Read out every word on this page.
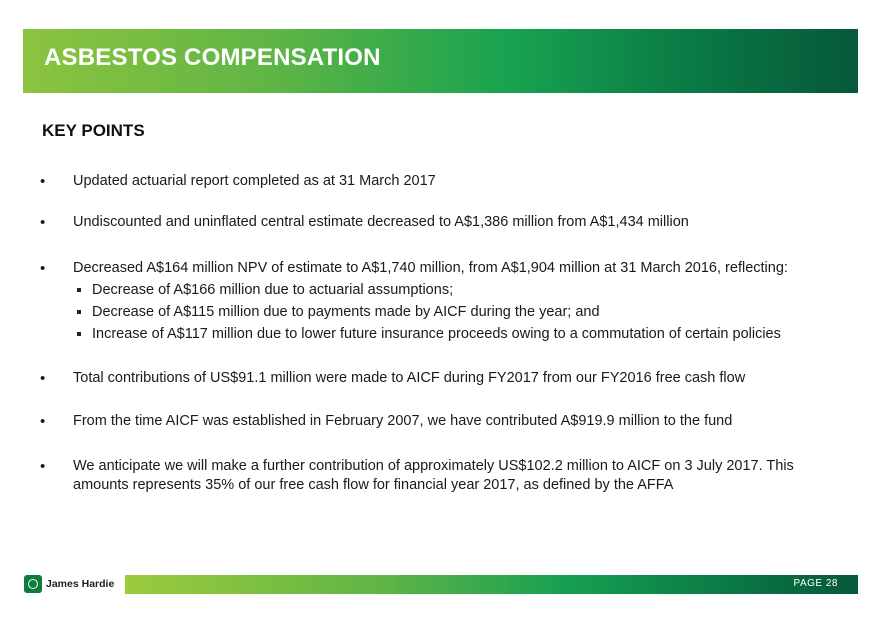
ASBESTOS COMPENSATION
KEY POINTS
• Updated actuarial report completed as at 31 March 2017
• Undiscounted and uninflated central estimate decreased to A$1,386 million from A$1,434 million
• Decreased A$164 million NPV of estimate to A$1,740 million, from A$1,904 million at 31 March 2016, reflecting:
Decrease of A$166 million due to actuarial assumptions;
Decrease of A$115 million due to payments made by AICF during the year; and
Increase of A$117 million due to lower future insurance proceeds owing to a commutation of certain policies
• Total contributions of US$91.1 million were made to AICF during FY2017 from our FY2016 free cash flow
• From the time AICF was established in February 2007, we have contributed A$919.9 million to the fund
• We anticipate we will make a further contribution of approximately US$102.2 million to AICF on 3 July 2017. This amounts represents 35% of our free cash flow for financial year 2017, as defined by the AFFA
James Hardie	PAGE 28
